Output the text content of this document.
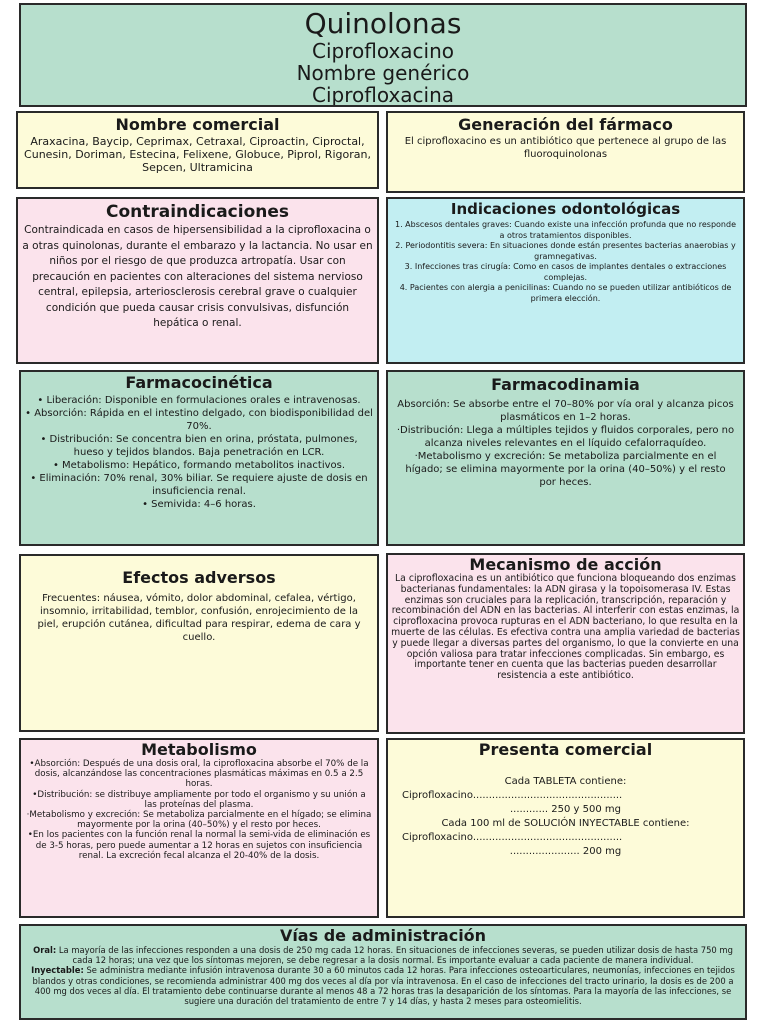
Quinolonas

Ciprofloxacino

Nombre genérico

Ciprofloxacina

Nombre comercial

Araxacina, Baycip, Ceprimax, Cetraxal, Ciproactin, Ciproctal, Cunesin, Doriman, Estecina, Felixene, Globuce, Piprol, Rigoran, Sepcen, Ultramicina

Generación del fármaco

El ciprofloxacino es un antibiótico que pertenece al grupo de las fluoroquinolonas

Contraindicaciones

Contraindicada en casos de hipersensibilidad a la ciprofloxacina o a otras quinolonas, durante el embarazo y la lactancia. No usar en niños por el riesgo de que produzca artropatía. Usar con precaución en pacientes con alteraciones del sistema nervioso central, epilepsia, arteriosclerosis cerebral grave o cualquier condición que pueda causar crisis convulsivas, disfunción hepática o renal.

Indicaciones odontológicas

1. Abscesos dentales graves: Cuando existe una infección profunda que no responde a otros tratamientos disponibles.
2. Periodontitis severa: En situaciones donde están presentes bacterias anaerobias y gramnegativas.
3. Infecciones tras cirugía: Como en casos de implantes dentales o extracciones complejas.
4. Pacientes con alergia a penicilinas: Cuando no se pueden utilizar antibióticos de primera elección.

Farmacocinética

• Liberación: Disponible en formulaciones orales e intravenosas.
• Absorción: Rápida en el intestino delgado, con biodisponibilidad del 70%.
• Distribución: Se concentra bien en orina, próstata, pulmones, hueso y tejidos blandos. Baja penetración en LCR.
• Metabolismo: Hepático, formando metabolitos inactivos.
• Eliminación: 70% renal, 30% biliar. Se requiere ajuste de dosis en insuficiencia renal.
• Semivida: 4–6 horas.

Farmacodinamia

Absorción: Se absorbe entre el 70–80% por vía oral y alcanza picos plasmáticos en 1–2 horas.
·Distribución: Llega a múltiples tejidos y fluidos corporales, pero no alcanza niveles relevantes en el líquido cefalorraquídeo.
·Metabolismo y excreción: Se metaboliza parcialmente en el hígado; se elimina mayormente por la orina (40–50%) y el resto por heces.

Efectos adversos

Frecuentes: náusea, vómito, dolor abdominal, cefalea, vértigo, insomnio, irritabilidad, temblor, confusión, enrojecimiento de la piel, erupción cutánea, dificultad para respirar, edema de cara y cuello.

Mecanismo de acción

La ciprofloxacina es un antibiótico que funciona bloqueando dos enzimas bacterianas fundamentales: la ADN girasa y la topoisomerasa IV. Estas enzimas son cruciales para la replicación, transcripción, reparación y recombinación del ADN en las bacterias. Al interferir con estas enzimas, la ciprofloxacina provoca rupturas en el ADN bacteriano, lo que resulta en la muerte de las células. Es efectiva contra una amplia variedad de bacterias y puede llegar a diversas partes del organismo, lo que la convierte en una opción valiosa para tratar infecciones complicadas. Sin embargo, es importante tener en cuenta que las bacterias pueden desarrollar resistencia a este antibiótico.

Metabolismo

•Absorción: Después de una dosis oral, la ciprofloxacina absorbe el 70% de la dosis, alcanzándose las concentraciones plasmáticas máximas en 0.5 a 2.5 horas.
•Distribución: se distribuye ampliamente por todo el organismo y su unión a las proteínas del plasma.
·Metabolismo y excreción: Se metaboliza parcialmente en el hígado; se elimina mayormente por la orina (40–50%) y el resto por heces.
•En los pacientes con la función renal la normal la semi-vida de eliminación es de 3-5 horas, pero puede aumentar a 12 horas en sujetos con insuficiencia renal. La excreción fecal alcanza el 20-40% de la dosis.

Presenta comercial

Cada TABLETA contiene:

Ciprofloxacino...............................................

............ 250 y 500 mg

Cada 100 ml de SOLUCIÓN INYECTABLE contiene:

Ciprofloxacino...............................................

...................... 200 mg

Vías de administración

Oral: La mayoría de las infecciones responden a una dosis de 250 mg cada 12 horas. En situaciones de infecciones severas, se pueden utilizar dosis de hasta 750 mg cada 12 horas; una vez que los síntomas mejoren, se debe regresar a la dosis normal. Es importante evaluar a cada paciente de manera individual.
Inyectable: Se administra mediante infusión intravenosa durante 30 a 60 minutos cada 12 horas. Para infecciones osteoarticulares, neumonías, infecciones en tejidos blandos y otras condiciones, se recomienda administrar 400 mg dos veces al día por vía intravenosa. En el caso de infecciones del tracto urinario, la dosis es de 200 a 400 mg dos veces al día. El tratamiento debe continuarse durante al menos 48 a 72 horas tras la desaparición de los síntomas. Para la mayoría de las infecciones, se sugiere una duración del tratamiento de entre 7 y 14 días, y hasta 2 meses para osteomielitis.
